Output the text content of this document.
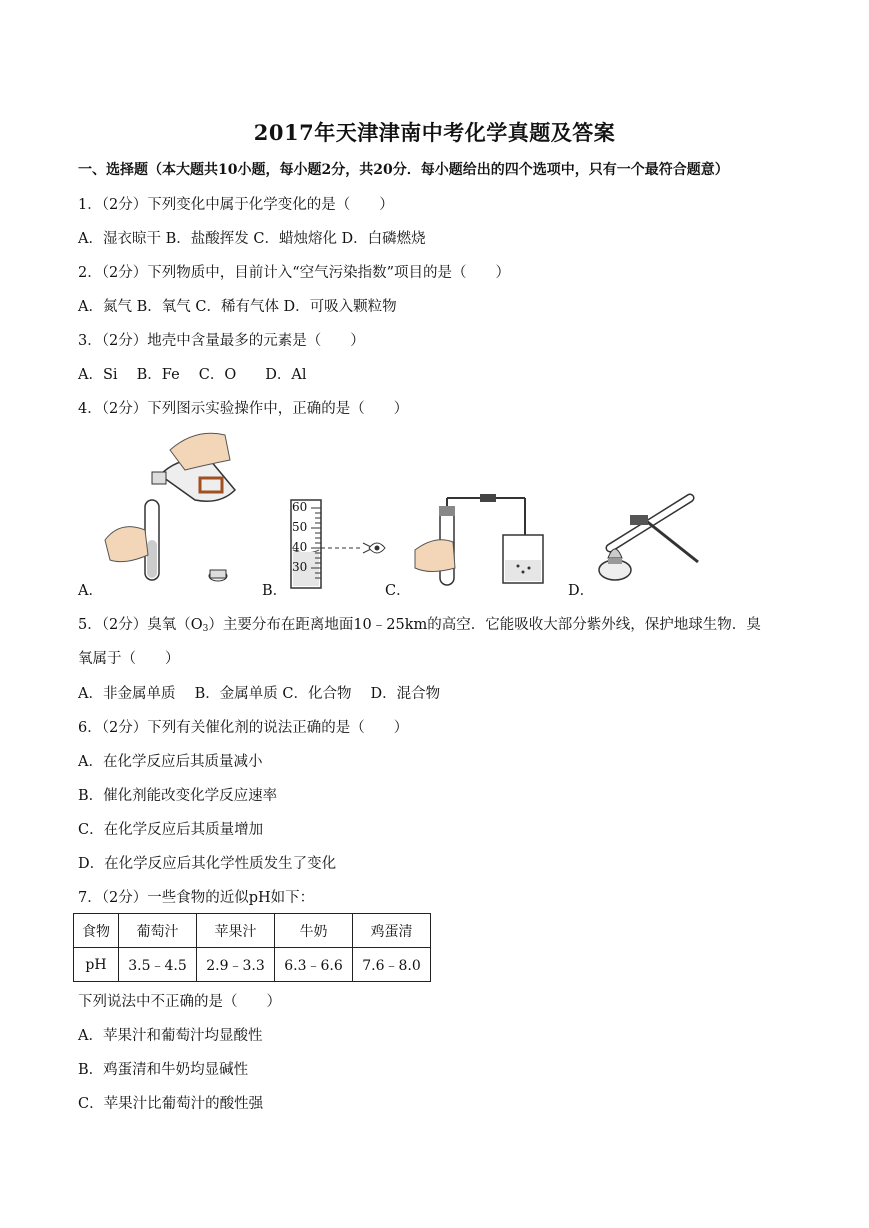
2017年天津津南中考化学真题及答案
一、选择题（本大题共10小题，每小题2分，共20分．每小题给出的四个选项中，只有一个最符合题意）
1．（2分）下列变化中属于化学变化的是（　　）
A．湿衣晾干 B．盐酸挥发 C．蜡烛熔化 D．白磷燃烧
2．（2分）下列物质中，目前计入“空气污染指数”项目的是（　　）
A．氮气 B．氧气 C．稀有气体 D．可吸入颗粒物
3．（2分）地壳中含量最多的元素是（　　）
A．Si　 B．Fe　 C．O　　D．Al
4．（2分）下列图示实验操作中，正确的是（　　）
60
50
40
30
A．	B．	C．	D．
5．（2分）臭氧$(O_3)$主要分布在距离地面10﹣25km的高空．它能吸收大部分紫外线，保护地球生物．臭
氧属于（　　）
A．非金属单质　 B．金属单质 C．化合物　 D．混合物
6．（2分）下列有关催化剂的说法正确的是（　　）
A．在化学反应后其质量减小
B．催化剂能改变化学反应速率
C．在化学反应后其质量增加
D．在化学反应后其化学性质发生了变化
7．（2分）一些食物的近似pH如下：
食物	葡萄汁	苹果汁	牛奶	鸡蛋清
pH	3.5﹣4.5	2.9﹣3.3	6.3﹣6.6	7.6﹣8.0
下列说法中不正确的是（　　）
A．苹果汁和葡萄汁均显酸性
B．鸡蛋清和牛奶均显碱性
C．苹果汁比葡萄汁的酸性强
